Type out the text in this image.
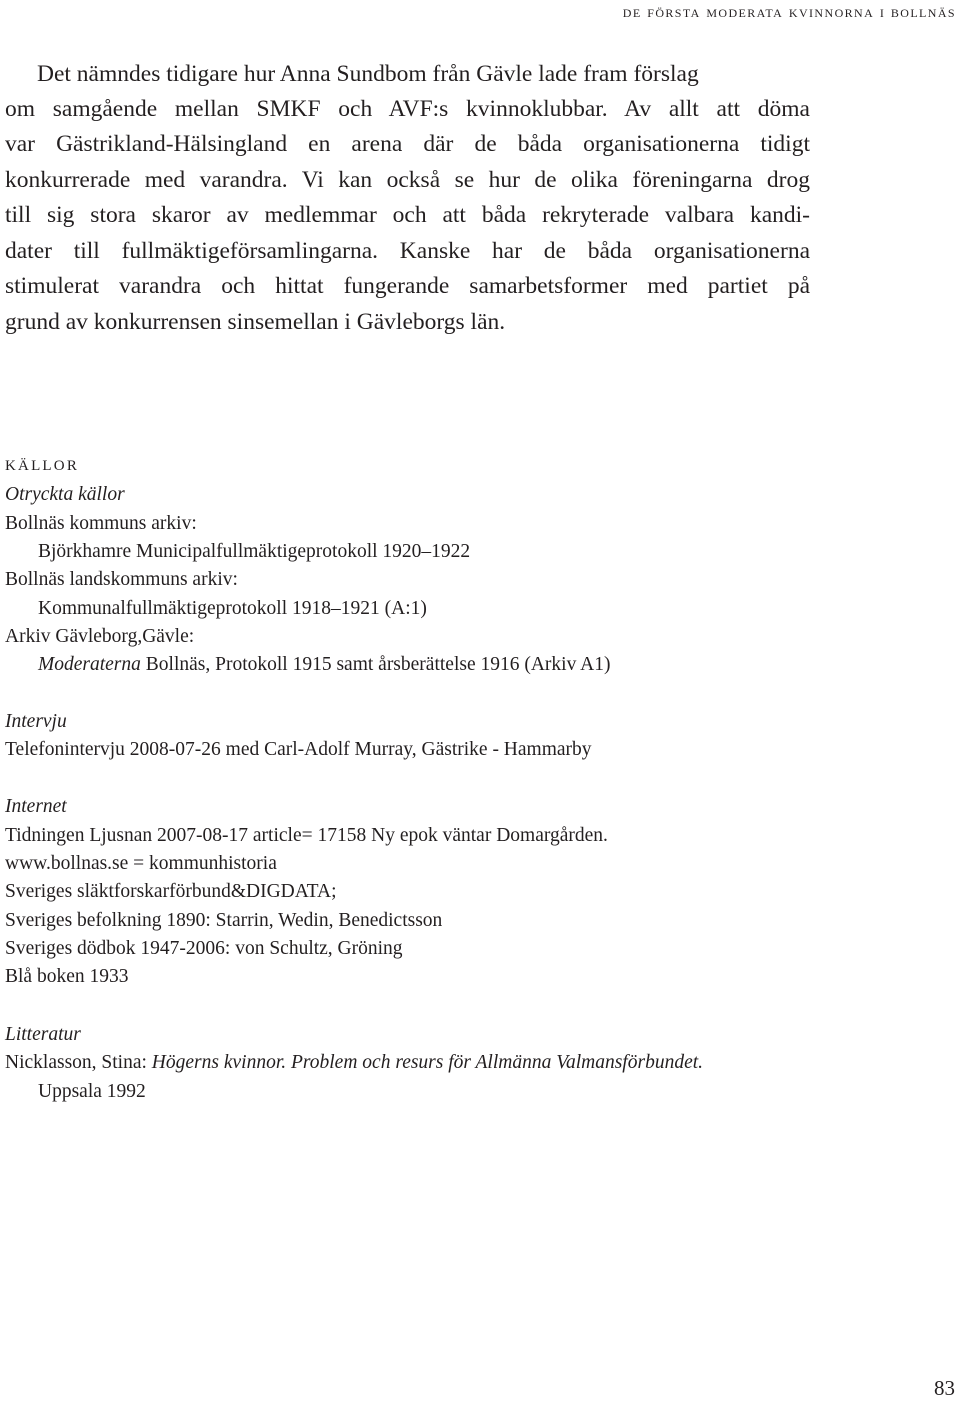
de första moderata kvinnorna i bollnäs

Det nämndes tidigare hur Anna Sundbom från Gävle lade fram förslag

om samgående mellan SMKF och AVF:s kvinnoklubbar. Av allt att döma

var Gästrikland-Hälsingland en arena där de båda organisationerna tidigt

konkurrerade med varandra. Vi kan också se hur de olika föreningarna drog

till sig stora skaror av medlemmar och att båda rekryterade valbara kandi-

dater till fullmäktigeförsamlingarna. Kanske har de båda organisationerna

stimulerat varandra och hittat fungerande samarbetsformer med partiet på

grund av konkurrensen sinsemellan i Gävleborgs län.

källor

Otryckta källor

Bollnäs kommuns arkiv:

Björkhamre Municipalfullmäktigeprotokoll 1920–1922

Bollnäs landskommuns arkiv:

Kommunalfullmäktigeprotokoll 1918–1921 (A:1)

Arkiv Gävleborg,Gävle:

Moderaterna Bollnäs, Protokoll 1915 samt årsberättelse 1916 (Arkiv A1)

Intervju

Telefonintervju 2008-07-26 med Carl-Adolf Murray, Gästrike - Hammarby

Internet

Tidningen Ljusnan 2007-08-17 article= 17158 Ny epok väntar Domargården.

www.bollnas.se = kommunhistoria

Sveriges släktforskarförbund&DIGDATA;

Sveriges befolkning 1890: Starrin, Wedin, Benedictsson

Sveriges dödbok 1947-2006: von Schultz, Gröning

Blå boken 1933

Litteratur

Nicklasson, Stina: Högerns kvinnor. Problem och resurs för Allmänna Valmansförbundet.

Uppsala 1992

83
